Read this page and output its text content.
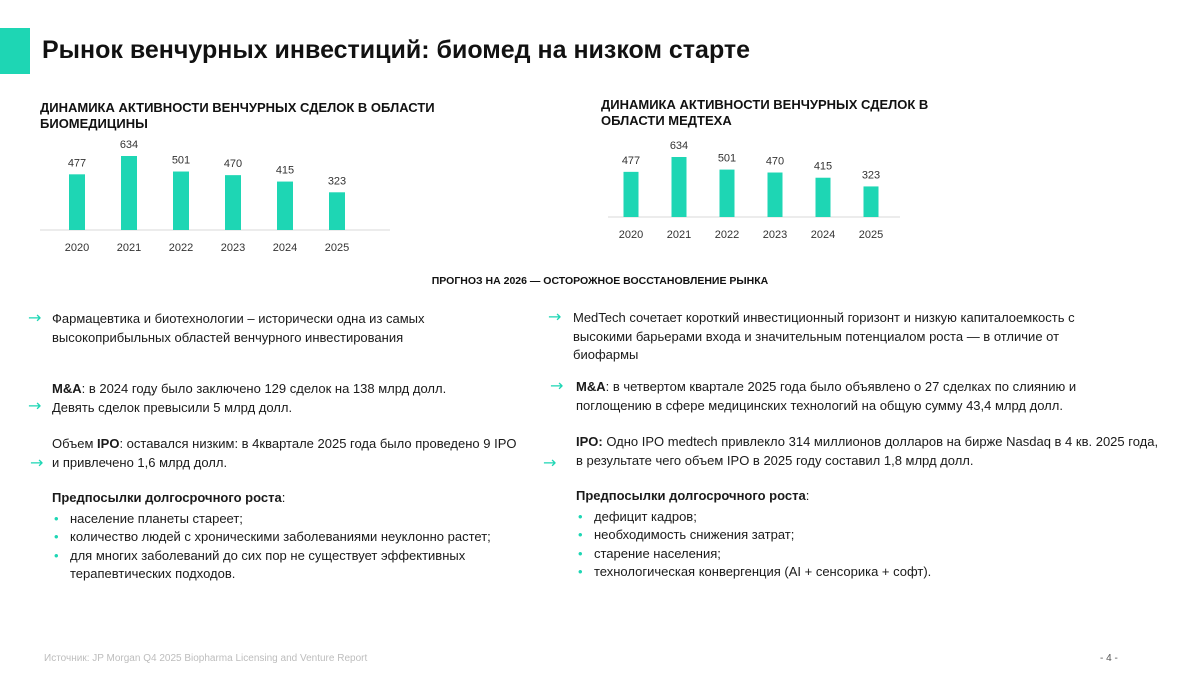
Рынок венчурных инвестиций: биомед на низком старте
ДИНАМИКА АКТИВНОСТИ ВЕНЧУРНЫХ СДЕЛОК В ОБЛАСТИ БИОМЕДИЦИНЫ
477
2020
634
2021
501
2022
470
2023
415
2024
323
2025
ДИНАМИКА АКТИВНОСТИ ВЕНЧУРНЫХ СДЕЛОК В ОБЛАСТИ МЕДТЕХА
477
2020
634
2021
501
2022
470
2023
415
2024
323
2025
ПРОГНОЗ НА 2026 — ОСТОРОЖНОЕ ВОССТАНОВЛЕНИЕ РЫНКА
→ Фармацевтика и биотехнологии – исторически одна из самых высокоприбыльных областей венчурного инвестирования
→
M&A: в 2024 году было заключено 129 сделок на 138 млрд долл. Девять сделок превысили 5 млрд долл.
→
Объем IPO: оставался низким: в 4квартале 2025 года было проведено 9 IPO и привлечено 1,6 млрд долл.

Предпосылки долгосрочного роста:

• население планеты стареет;
• количество людей с хроническими заболеваниями неуклонно растет;
• для многих заболеваний до сих пор не существует эффективных терапевтических подходов.
→ MedTech сочетает короткий инвестиционный горизонт и низкую капиталоемкость с высокими барьерами входа и значительным потенциалом роста — в отличие от биофармы
→ M&A: в четвертом квартале 2025 года было объявлено о 27 сделках по слиянию и поглощению в сфере медицинских технологий на общую сумму 43,4 млрд долл.
→
IPO: Одно IPO medtech привлекло 314 миллионов долларов на бирже Nasdaq в 4 кв. 2025 года, в результате чего объем IPO в 2025 году составил 1,8 млрд долл.

Предпосылки долгосрочного роста:

• дефицит кадров;
• необходимость снижения затрат;
• старение населения;
• технологическая конвергенция (AI + сенсорика + софт).
Источник: JP Morgan Q4 2025 Biopharma Licensing and Venture Report	- 4 -
